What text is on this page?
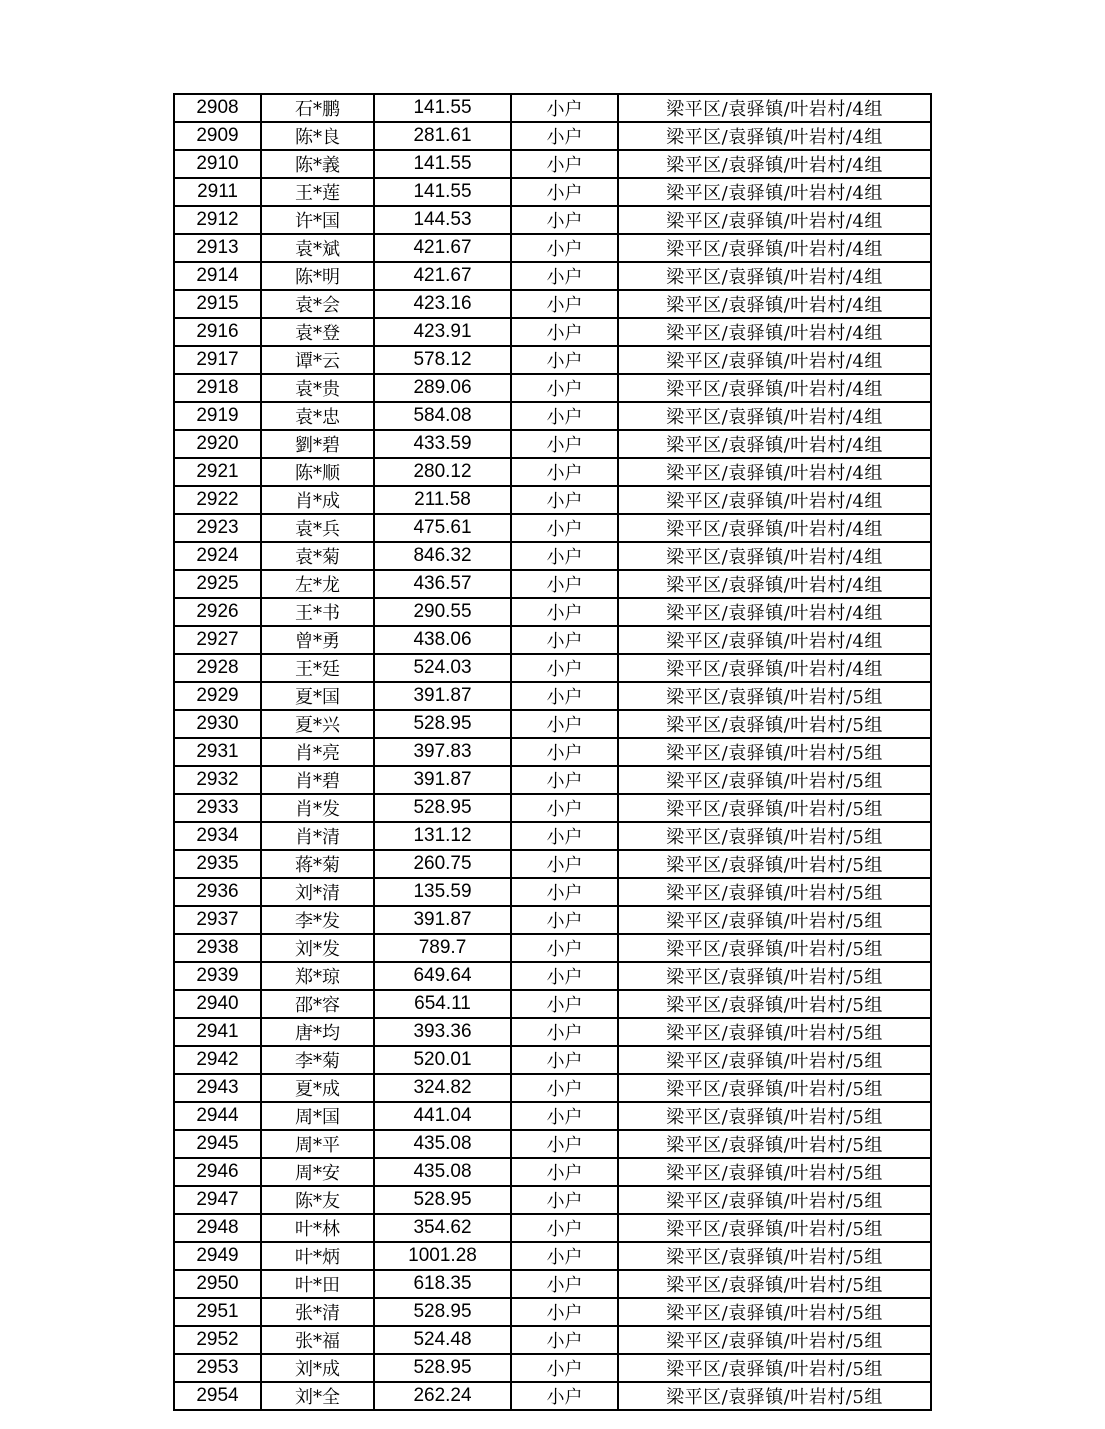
2908	石*鹏	141.55	小户	梁平区/袁驿镇/叶岩村/4组
2909	陈*良	281.61	小户	梁平区/袁驿镇/叶岩村/4组
2910	陈*義	141.55	小户	梁平区/袁驿镇/叶岩村/4组
2911	王*莲	141.55	小户	梁平区/袁驿镇/叶岩村/4组
2912	许*国	144.53	小户	梁平区/袁驿镇/叶岩村/4组
2913	袁*斌	421.67	小户	梁平区/袁驿镇/叶岩村/4组
2914	陈*明	421.67	小户	梁平区/袁驿镇/叶岩村/4组
2915	袁*会	423.16	小户	梁平区/袁驿镇/叶岩村/4组
2916	袁*登	423.91	小户	梁平区/袁驿镇/叶岩村/4组
2917	谭*云	578.12	小户	梁平区/袁驿镇/叶岩村/4组
2918	袁*贵	289.06	小户	梁平区/袁驿镇/叶岩村/4组
2919	袁*忠	584.08	小户	梁平区/袁驿镇/叶岩村/4组
2920	劉*碧	433.59	小户	梁平区/袁驿镇/叶岩村/4组
2921	陈*顺	280.12	小户	梁平区/袁驿镇/叶岩村/4组
2922	肖*成	211.58	小户	梁平区/袁驿镇/叶岩村/4组
2923	袁*兵	475.61	小户	梁平区/袁驿镇/叶岩村/4组
2924	袁*菊	846.32	小户	梁平区/袁驿镇/叶岩村/4组
2925	左*龙	436.57	小户	梁平区/袁驿镇/叶岩村/4组
2926	王*书	290.55	小户	梁平区/袁驿镇/叶岩村/4组
2927	曾*勇	438.06	小户	梁平区/袁驿镇/叶岩村/4组
2928	王*廷	524.03	小户	梁平区/袁驿镇/叶岩村/4组
2929	夏*国	391.87	小户	梁平区/袁驿镇/叶岩村/5组
2930	夏*兴	528.95	小户	梁平区/袁驿镇/叶岩村/5组
2931	肖*亮	397.83	小户	梁平区/袁驿镇/叶岩村/5组
2932	肖*碧	391.87	小户	梁平区/袁驿镇/叶岩村/5组
2933	肖*发	528.95	小户	梁平区/袁驿镇/叶岩村/5组
2934	肖*清	131.12	小户	梁平区/袁驿镇/叶岩村/5组
2935	蒋*菊	260.75	小户	梁平区/袁驿镇/叶岩村/5组
2936	刘*清	135.59	小户	梁平区/袁驿镇/叶岩村/5组
2937	李*发	391.87	小户	梁平区/袁驿镇/叶岩村/5组
2938	刘*发	789.7	小户	梁平区/袁驿镇/叶岩村/5组
2939	郑*琼	649.64	小户	梁平区/袁驿镇/叶岩村/5组
2940	邵*容	654.11	小户	梁平区/袁驿镇/叶岩村/5组
2941	唐*均	393.36	小户	梁平区/袁驿镇/叶岩村/5组
2942	李*菊	520.01	小户	梁平区/袁驿镇/叶岩村/5组
2943	夏*成	324.82	小户	梁平区/袁驿镇/叶岩村/5组
2944	周*国	441.04	小户	梁平区/袁驿镇/叶岩村/5组
2945	周*平	435.08	小户	梁平区/袁驿镇/叶岩村/5组
2946	周*安	435.08	小户	梁平区/袁驿镇/叶岩村/5组
2947	陈*友	528.95	小户	梁平区/袁驿镇/叶岩村/5组
2948	叶*林	354.62	小户	梁平区/袁驿镇/叶岩村/5组
2949	叶*炳	1001.28	小户	梁平区/袁驿镇/叶岩村/5组
2950	叶*田	618.35	小户	梁平区/袁驿镇/叶岩村/5组
2951	张*清	528.95	小户	梁平区/袁驿镇/叶岩村/5组
2952	张*福	524.48	小户	梁平区/袁驿镇/叶岩村/5组
2953	刘*成	528.95	小户	梁平区/袁驿镇/叶岩村/5组
2954	刘*全	262.24	小户	梁平区/袁驿镇/叶岩村/5组
